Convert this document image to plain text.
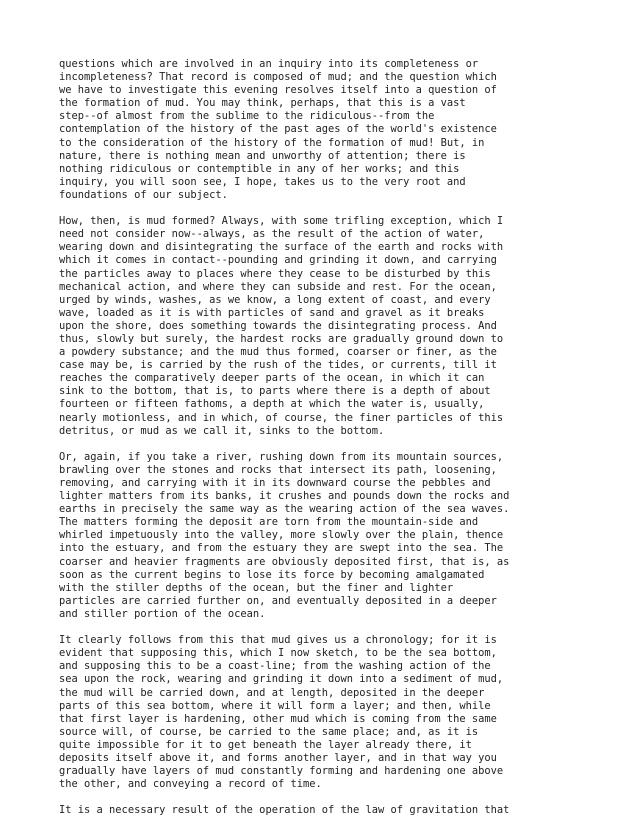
questions which are involved in an inquiry into its completeness or
incompleteness? That record is composed of mud; and the question which
we have to investigate this evening resolves itself into a question of
the formation of mud. You may think, perhaps, that this is a vast
step--of almost from the sublime to the ridiculous--from the
contemplation of the history of the past ages of the world's existence
to the consideration of the history of the formation of mud! But, in
nature, there is nothing mean and unworthy of attention; there is
nothing ridiculous or contemptible in any of her works; and this
inquiry, you will soon see, I hope, takes us to the very root and
foundations of our subject.
How, then, is mud formed? Always, with some trifling exception, which I
need not consider now--always, as the result of the action of water,
wearing down and disintegrating the surface of the earth and rocks with
which it comes in contact--pounding and grinding it down, and carrying
the particles away to places where they cease to be disturbed by this
mechanical action, and where they can subside and rest. For the ocean,
urged by winds, washes, as we know, a long extent of coast, and every
wave, loaded as it is with particles of sand and gravel as it breaks
upon the shore, does something towards the disintegrating process. And
thus, slowly but surely, the hardest rocks are gradually ground down to
a powdery substance; and the mud thus formed, coarser or finer, as the
case may be, is carried by the rush of the tides, or currents, till it
reaches the comparatively deeper parts of the ocean, in which it can
sink to the bottom, that is, to parts where there is a depth of about
fourteen or fifteen fathoms, a depth at which the water is, usually,
nearly motionless, and in which, of course, the finer particles of this
detritus, or mud as we call it, sinks to the bottom.
Or, again, if you take a river, rushing down from its mountain sources,
brawling over the stones and rocks that intersect its path, loosening,
removing, and carrying with it in its downward course the pebbles and
lighter matters from its banks, it crushes and pounds down the rocks and
earths in precisely the same way as the wearing action of the sea waves.
The matters forming the deposit are torn from the mountain-side and
whirled impetuously into the valley, more slowly over the plain, thence
into the estuary, and from the estuary they are swept into the sea. The
coarser and heavier fragments are obviously deposited first, that is, as
soon as the current begins to lose its force by becoming amalgamated
with the stiller depths of the ocean, but the finer and lighter
particles are carried further on, and eventually deposited in a deeper
and stiller portion of the ocean.
It clearly follows from this that mud gives us a chronology; for it is
evident that supposing this, which I now sketch, to be the sea bottom,
and supposing this to be a coast-line; from the washing action of the
sea upon the rock, wearing and grinding it down into a sediment of mud,
the mud will be carried down, and at length, deposited in the deeper
parts of this sea bottom, where it will form a layer; and then, while
that first layer is hardening, other mud which is coming from the same
source will, of course, be carried to the same place; and, as it is
quite impossible for it to get beneath the layer already there, it
deposits itself above it, and forms another layer, and in that way you
gradually have layers of mud constantly forming and hardening one above
the other, and conveying a record of time.
It is a necessary result of the operation of the law of gravitation that
